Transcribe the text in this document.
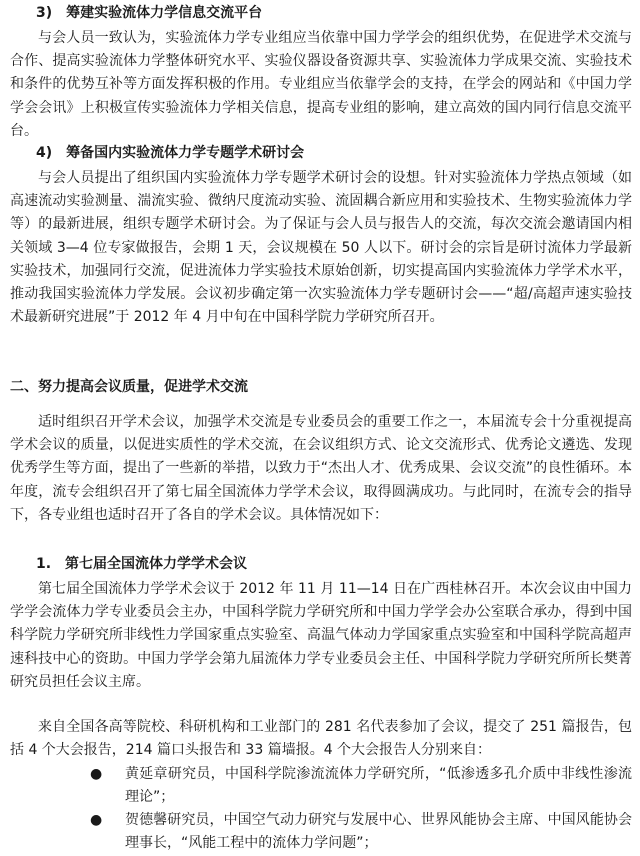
3)　筹建实验流体力学信息交流平台

与会人员一致认为，实验流体力学专业组应当依靠中国力学学会的组织优势，在促进学术交流与合作、提高实验流体力学整体研究水平、实验仪器设备资源共享、实验流体力学成果交流、实验技术和条件的优势互补等方面发挥积极的作用。专业组应当依靠学会的支持，在学会的网站和《中国力学学会会讯》上积极宣传实验流体力学相关信息，提高专业组的影响，建立高效的国内同行信息交流平台。

4)　筹备国内实验流体力学专题学术研讨会

与会人员提出了组织国内实验流体力学专题学术研讨会的设想。针对实验流体力学热点领域（如高速流动实验测量、湍流实验、微纳尺度流动实验、流固耦合新应用和实验技术、生物实验流体力学等）的最新进展，组织专题学术研讨会。为了保证与会人员与报告人的交流，每次交流会邀请国内相关领域 3—4 位专家做报告，会期 1 天，会议规模在 50 人以下。研讨会的宗旨是研讨流体力学最新实验技术，加强同行交流，促进流体力学实验技术原始创新，切实提高国内实验流体力学学术水平，推动我国实验流体力学发展。会议初步确定第一次实验流体力学专题研讨会——“超/高超声速实验技术最新研究进展”于 2012 年 4 月中旬在中国科学院力学研究所召开。

二、努力提高会议质量，促进学术交流

适时组织召开学术会议，加强学术交流是专业委员会的重要工作之一，本届流专会十分重视提高学术会议的质量，以促进实质性的学术交流，在会议组织方式、论文交流形式、优秀论文遴选、发现优秀学生等方面，提出了一些新的举措，以致力于“杰出人才、优秀成果、会议交流”的良性循环。本年度，流专会组织召开了第七届全国流体力学学术会议，取得圆满成功。与此同时，在流专会的指导下，各专业组也适时召开了各自的学术会议。具体情况如下：

1.　第七届全国流体力学学术会议

第七届全国流体力学学术会议于 2012 年 11 月 11—14 日在广西桂林召开。本次会议由中国力学学会流体力学专业委员会主办，中国科学院力学研究所和中国力学学会办公室联合承办，得到中国科学院力学研究所非线性力学国家重点实验室、高温气体动力学国家重点实验室和中国科学院高超声速科技中心的资助。中国力学学会第九届流体力学专业委员会主任、中国科学院力学研究所所长樊菁研究员担任会议主席。

来自全国各高等院校、科研机构和工业部门的 281 名代表参加了会议，提交了 251 篇报告，包括 4 个大会报告，214 篇口头报告和 33 篇墙报。4 个大会报告人分别来自：

● 黄延章研究员，中国科学院渗流流体力学研究所，“低渗透多孔介质中非线性渗流理论”；

● 贺德馨研究员，中国空气动力研究与发展中心、世界风能协会主席、中国风能协会理事长，“风能工程中的流体力学问题”；
